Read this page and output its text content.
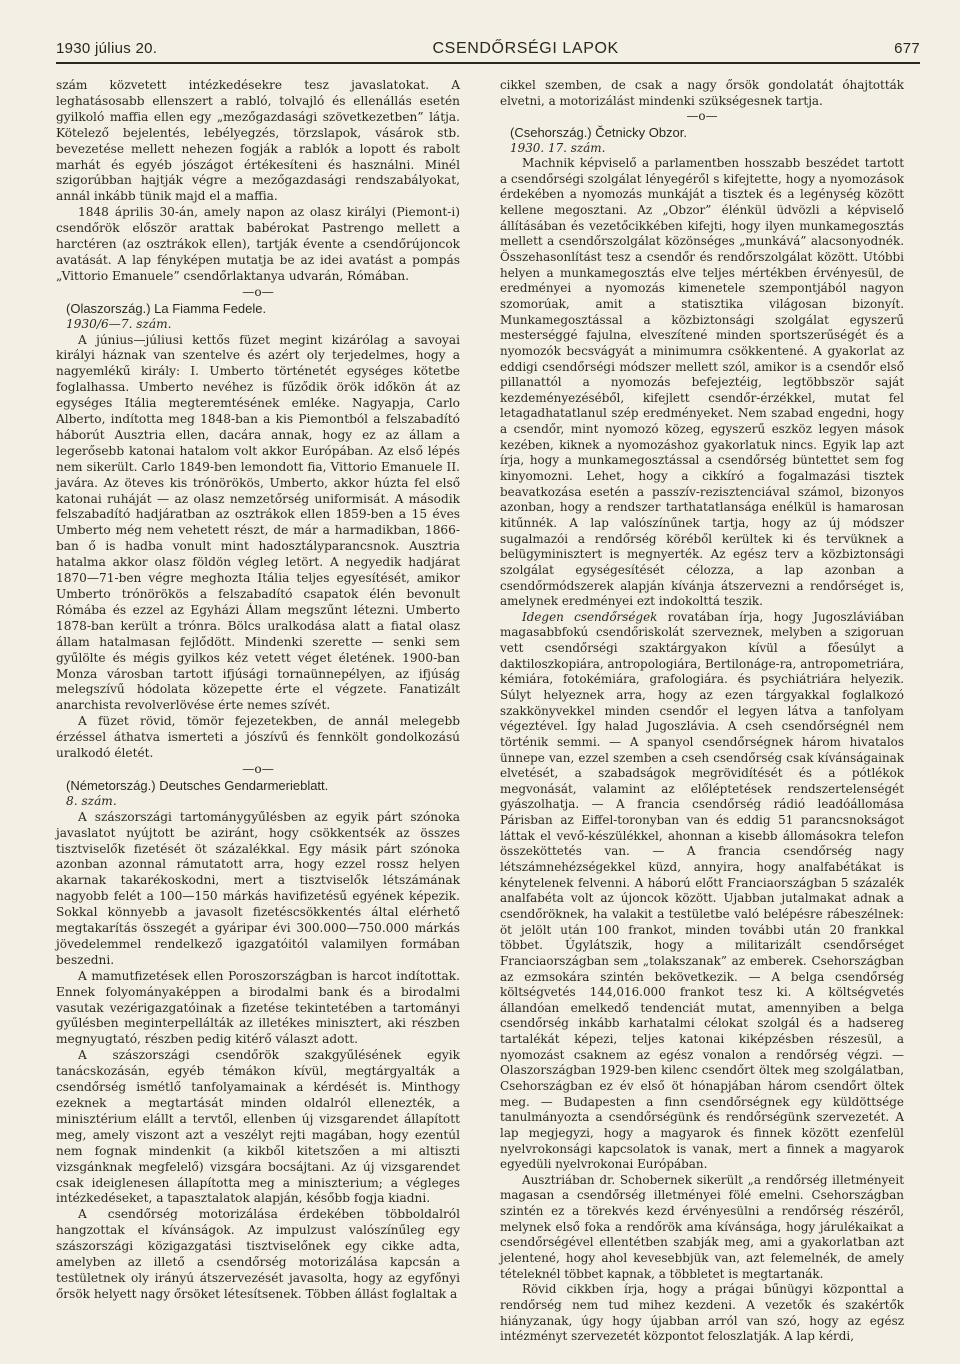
1930 július 20.	CSENDŐRSÉGI LAPOK	677

szám közvetett intézkedésekre tesz javaslatokat. A leghatásosabb ellenszert a rabló, tolvajló és ellenállás esetén gyilkoló maffia ellen egy „mezőgazdasági szövetkezetben” látja. Kötelező bejelentés, lebélyegzés, törzslapok, vásárok stb. bevezetése mellett nehezen fogják a rablók a lopott és rabolt marhát és egyéb jószágot értékesíteni és használni. Minél szigorúbban hajtják végre a mezőgazdasági rendszabályokat, annál inkább tünik majd el a maffia.

1848 április 30-án, amely napon az olasz királyi (Piemont-i) csendőrök először arattak babérokat Pastrengo mellett a harctéren (az osztrákok ellen), tartják évente a csendőrújoncok avatását. A lap fényképen mutatja be az idei avatást a pompás „Vittorio Emanuele” csendőrlaktanya udvarán, Rómában.

—o—

(Olaszország.) La Fiamma Fedele.

1930/6—7. szám.

A június—júliusi kettős füzet megint kizárólag a savoyai királyi háznak van szentelve és azért oly terjedelmes, hogy a nagyemlékű király: I. Umberto történetét egységes kötetbe foglalhassa. Umberto nevéhez is fűződik örök időkön át az egységes Itália megteremtésének emléke. Nagyapja, Carlo Alberto, indította meg 1848-ban a kis Piemontból a felszabadító háborút Ausztria ellen, dacára annak, hogy ez az állam a legerősebb katonai hatalom volt akkor Európában. Az első lépés nem sikerült. Carlo 1849-ben lemondott fia, Vittorio Emanuele II. javára. Az öteves kis trónörökös, Umberto, akkor húzta fel első katonai ruháját — az olasz nemzetőrség uniformisát. A második felszabadító hadjáratban az osztrákok ellen 1859-ben a 15 éves Umberto még nem vehetett részt, de már a harmadikban, 1866-ban ő is hadba vonult mint hadosztályparancsnok. Ausztria hatalma akkor olasz földön végleg letört. A negyedik hadjárat 1870—71-ben végre meghozta Itália teljes egyesítését, amikor Umberto trónörökös a felszabadító csapatok élén bevonult Rómába és ezzel az Egyházi Állam megszűnt létezni. Umberto 1878-ban került a trónra. Bölcs uralkodása alatt a fiatal olasz állam hatalmasan fejlődött. Mindenki szerette — senki sem gyűlölte és mégis gyilkos kéz vetett véget életének. 1900-ban Monza városban tartott ifjúsági tornaünnepélyen, az ifjúság melegszívű hódolata közepette érte el végzete. Fanatizált anarchista revolverlövése érte nemes szívét.

A füzet rövid, tömör fejezetekben, de annál melegebb érzéssel áthatva ismerteti a jószívű és fennkölt gondolkozású uralkodó életét.

—o—

(Németország.) Deutsches Gendarmerieblatt.

8. szám.

A szászországi tartománygyűlésben az egyik párt szónoka javaslatot nyújtott be aziránt, hogy csökkentsék az összes tisztviselők fizetését öt százalékkal. Egy másik párt szónoka azonban azonnal rámutatott arra, hogy ezzel rossz helyen akarnak takarékoskodni, mert a tisztviselők létszámának nagyobb felét a 100—150 márkás havifizetésű egyének képezik. Sokkal könnyebb a javasolt fizetéscsökkentés által elérhető megtakarítás összegét a gyáripar évi 300.000—750.000 márkás jövedelemmel rendelkező igazgatóitól valamilyen formában beszedni.

A mamutfizetések ellen Poroszországban is harcot indítottak. Ennek folyományaképpen a birodalmi bank és a birodalmi vasutak vezérigazgatóinak a fizetése tekintetében a tartományi gyűlésben meginterpellálták az illetékes minisztert, aki részben megnyugtató, részben pedig kitérő választ adott.

A szászországi csendőrök szakgyűlésének egyik tanácskozásán, egyéb témákon kívül, megtárgyalták a csendőrség ismétlő tanfolyamainak a kérdését is. Minthogy ezeknek a megtartását minden oldalról ellenezték, a minisztérium elállt a tervtől, ellenben új vizsgarendet állapított meg, amely viszont azt a veszélyt rejti magában, hogy ezentúl nem fognak mindenkit (a kikből kitetszően a mi altiszti vizsgánknak megfelelő) vizsgára bocsájtani. Az új vizsgarendet csak ideiglenesen állapította meg a miniszterium; a végleges intézkedéseket, a tapasztalatok alapján, később fogja kiadni.

A csendőrség motorizálása érdekében többoldalról hangzottak el kívánságok. Az impulzust valószínűleg egy szászországi közigazgatási tisztviselőnek egy cikke adta, amelyben az illető a csendőrség motorizálása kapcsán a testületnek oly irányú átszervezését javasolta, hogy az egyfőnyi őrsök helyett nagy őrsöket létesítsenek. Többen állást foglaltak a

cikkel szemben, de csak a nagy őrsök gondolatát óhajtották elvetni, a motorizálást mindenki szükségesnek tartja.

—o—

(Csehország.) Četnicky Obzor.

1930. 17. szám.

Machnik képviselő a parlamentben hosszabb beszédet tartott a csendőrségi szolgálat lényegéről s kifejtette, hogy a nyomozások érdekében a nyomozás munkáját a tisztek és a legénység között kellene megosztani. Az „Obzor” élénkül üdvözli a képviselő állításában és vezetőcikkében kifejti, hogy ilyen munkamegosztás mellett a csendőrszolgálat közönséges „munkává” alacsonyodnék. Összehasonlítást tesz a csendőr és rendőrszolgálat között. Utóbbi helyen a munkamegosztás elve teljes mértékben érvényesül, de eredményei a nyomozás kimenetele szempontjából nagyon szomorúak, amit a statisztika világosan bizonyít. Munkamegosztással a közbiztonsági szolgálat egyszerű mesterséggé fajulna, elveszítené minden sportszerűségét és a nyomozók becsvágyát a minimumra csökkentené. A gyakorlat az eddigi csendőrségi módszer mellett szól, amikor is a csendőr első pillanattól a nyomozás befejeztéig, legtöbbször saját kezdeményezéséből, kifejlett csendőr-érzékkel, mutat fel letagadhatatlanul szép eredményeket. Nem szabad engedni, hogy a csendőr, mint nyomozó közeg, egyszerű eszköz legyen mások kezében, kiknek a nyomozáshoz gyakorlatuk nincs. Egyik lap azt írja, hogy a munkamegosztással a csendőrség büntettet sem fog kinyomozni. Lehet, hogy a cikkíró a fogalmazási tisztek beavatkozása esetén a passzív-rezisztenciával számol, bizonyos azonban, hogy a rendszer tarthatatlansága enélkül is hamarosan kitűnnék. A lap valószínűnek tartja, hogy az új módszer sugalmazói a rendőrség köréből kerültek ki és tervüknek a belügyminisztert is megnyerték. Az egész terv a közbiztonsági szolgálat egységesítését célozza, a lap azonban a csendőrmódszerek alapján kívánja átszervezni a rendőrséget is, amelynek eredményei ezt indokolttá teszik.

Idegen csendőrségek rovatában írja, hogy Jugoszláviában magasabbfokú csendőriskolát szerveznek, melyben a szigoruan vett csendőrségi szaktárgyakon kívül a főesúlyt a daktiloszkopiára, antropologiára, Bertilonáge-ra, antropometriára, kémiára, fotokémiára, grafologiára. és psychiátriára helyezik. Súlyt helyeznek arra, hogy az ezen tárgyakkal foglalkozó szakkönyvekkel minden csendőr el legyen látva a tanfolyam végeztével. Így halad Jugoszlávia. A cseh csendőrségnél nem történik semmi. — A spanyol csendőrségnek három hivatalos ünnepe van, ezzel szemben a cseh csendőrség csak kívánságainak elvetését, a szabadságok megrövidítését és a pótlékok megvonását, valamint az előléptetések rendszertelenségét gyászolhatja. — A francia csendőrség rádió leadóállomása Párisban az Eiffel-toronyban van és eddig 51 parancsnokságot láttak el vevő-készülékkel, ahonnan a kisebb állomásokra telefon összeköttetés van. — A francia csendőrség nagy létszámnehézségekkel küzd, annyira, hogy analfabétákat is kénytelenek felvenni. A háború előtt Franciaországban 5 százalék analfabéta volt az újoncok között. Ujabban jutalmakat adnak a csendőröknek, ha valakit a testületbe való belépésre rábeszélnek: öt jelölt után 100 frankot, minden további után 20 frankkal többet. Úgylátszik, hogy a militarizált csendőrséget Franciaországban sem „tolakszanak” az emberek. Csehországban az ezmsokára szintén bekövetkezik. — A belga csendőrség költségvetés 144,016.000 frankot tesz ki. A költségvetés állandóan emelkedő tendenciát mutat, amennyiben a belga csendőrség inkább karhatalmi célokat szolgál és a hadsereg tartalékát képezi, teljes katonai kiképzésben részesül, a nyomozást csaknem az egész vonalon a rendőrség végzi. — Olaszországban 1929-ben kilenc csendőrt öltek meg szolgálatban, Csehországban ez év első öt hónapjában három csendőrt öltek meg. — Budapesten a finn csendőrségnek egy küldöttsége tanulmányozta a csendőrségünk és rendőrségünk szervezetét. A lap megjegyzi, hogy a magyarok és finnek között ezenfelül nyelvrokonsági kapcsolatok is vanak, mert a finnek a magyarok egyedüli nyelvrokonai Európában.

Ausztriában dr. Schobernek sikerült „a rendőrség illetményeit magasan a csendőrség illetményei fölé emelni. Csehországban szintén ez a törekvés kezd érvényesülni a rendőrség részéről, melynek első foka a rendőrök ama kívánsága, hogy járulékaikat a csendőrségével ellentétben szabják meg, ami a gyakorlatban azt jelentené, hogy ahol kevesebbjük van, azt felemelnék, de amely tételeknél többet kapnak, a többletet is megtartanák.

Rövid cikkben írja, hogy a prágai bűnügyi központtal a rendőrség nem tud mihez kezdeni. A vezetők és szakértők hiányzanak, úgy hogy újabban arról van szó, hogy az egész intézményt szervezetét központot feloszlatják. A lap kérdi,
